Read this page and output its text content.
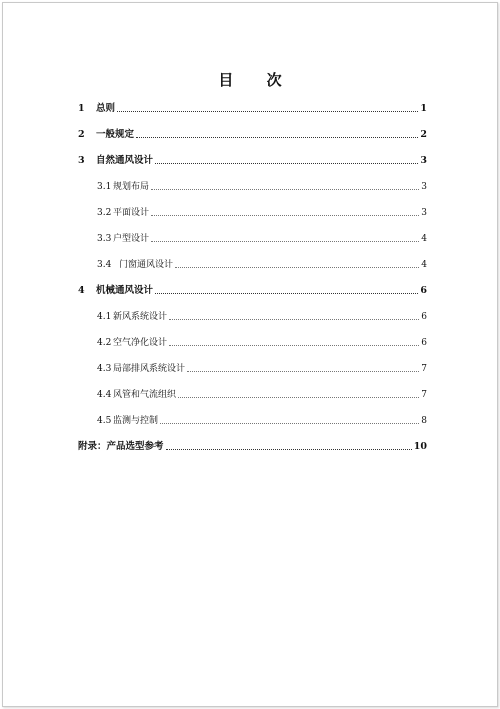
目 次
1	总则	1
2	一般规定	2
3	自然通风设计	3
3.1 规划布局	3
3.2 平面设计	3
3.3 户型设计	4
3.4 门窗通风设计	4
4	机械通风设计	6
4.1 新风系统设计	6
4.2 空气净化设计	6
4.3 局部排风系统设计	7
4.4 风管和气流组织	7
4.5 监测与控制	8
附录：产品选型参考	10
